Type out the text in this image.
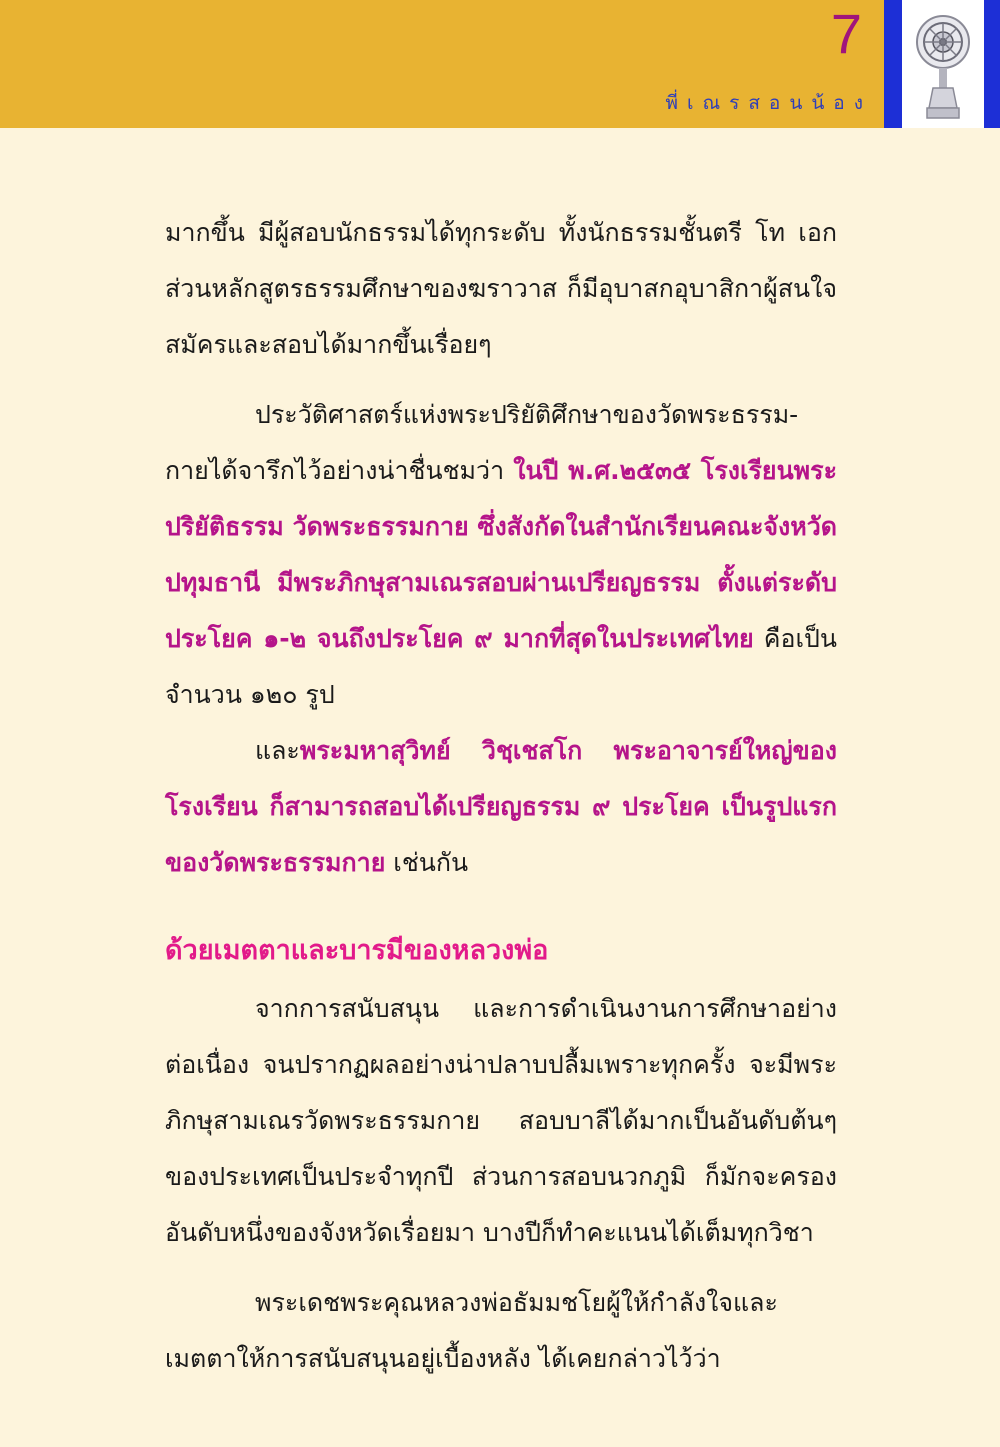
7
พี่เณรสอนน้อง

มากขึ้น มีผู้สอบนักธรรมได้ทุกระดับ ทั้งนักธรรมชั้นตรี โท เอก ส่วนหลักสูตรธรรมศึกษาของฆราวาส ก็มีอุบาสกอุบาสิกาผู้สนใจสมัครและสอบได้มากขึ้นเรื่อยๆ

ประวัติศาสตร์แห่งพระปริยัติศึกษาของวัดพระธรรม-กายได้จารึกไว้อย่างน่าชื่นชมว่า ในปี พ.ศ.๒๕๓๕ โรงเรียนพระปริยัติธรรม วัดพระธรรมกาย ซึ่งสังกัดในสำนักเรียนคณะจังหวัดปทุมธานี มีพระภิกษุสามเณรสอบผ่านเปรียญธรรม ตั้งแต่ระดับประโยค ๑-๒ จนถึงประโยค ๙ มากที่สุดในประเทศไทย คือเป็นจำนวน ๑๒๐ รูป

และพระมหาสุวิทย์ วิชฺเชสโก พระอาจารย์ใหญ่ของโรงเรียน ก็สามารถสอบได้เปรียญธรรม ๙ ประโยค เป็นรูปแรกของวัดพระธรรมกาย เช่นกัน

ด้วยเมตตาและบารมีของหลวงพ่อ

จากการสนับสนุน และการดำเนินงานการศึกษาอย่างต่อเนื่อง จนปรากฏผลอย่างน่าปลาบปลื้มเพราะทุกครั้ง จะมีพระภิกษุสามเณรวัดพระธรรมกาย สอบบาลีได้มากเป็นอันดับต้นๆ ของประเทศเป็นประจำทุกปี ส่วนการสอบนวกภูมิ ก็มักจะครองอันดับหนึ่งของจังหวัดเรื่อยมา บางปีก็ทำคะแนนได้เต็มทุกวิชา

พระเดชพระคุณหลวงพ่อธัมมชโยผู้ให้กำลังใจและเมตตาให้การสนับสนุนอยู่เบื้องหลัง ได้เคยกล่าวไว้ว่า
